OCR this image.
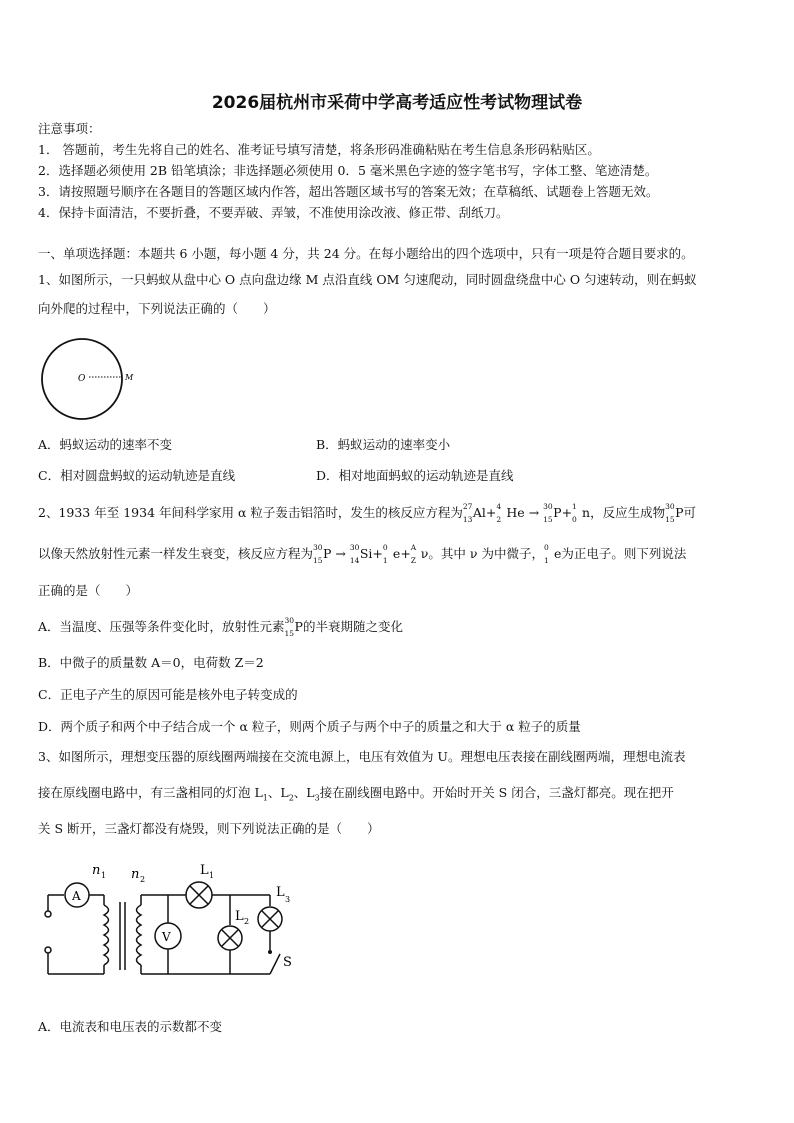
2026届杭州市采荷中学高考适应性考试物理试卷
注意事项：
1． 答题前，考生先将自己的姓名、准考证号填写清楚，将条形码准确粘贴在考生信息条形码粘贴区。
2．选择题必须使用 2B 铅笔填涂；非选择题必须使用 0．5 毫米黑色字迹的签字笔书写，字体工整、笔迹清楚。
3．请按照题号顺序在各题目的答题区域内作答，超出答题区域书写的答案无效；在草稿纸、试题卷上答题无效。
4．保持卡面清洁，不要折叠，不要弄破、弄皱，不准使用涂改液、修正带、刮纸刀。
一、单项选择题：本题共 6 小题，每小题 4 分，共 24 分。在每小题给出的四个选项中，只有一项是符合题目要求的。
1、如图所示，一只蚂蚁从盘中心 O 点向盘边缘 M 点沿直线 OM 匀速爬动，同时圆盘绕盘中心 O 匀速转动，则在蚂蚁
向外爬的过程中，下列说法正确的（　　）
O	M
A．蚂蚁运动的速率不变	B．蚂蚁运动的速率变小
C．相对圆盘蚂蚁的运动轨迹是直线	D．相对地面蚂蚁的运动轨迹是直线
2、1933 年至 1934 年间科学家用 α 粒子轰击铝箔时，发生的核反应方程为 27
13 Al+ 4
2 He → 30
15 P+ 1
0 n，反应生成物 30
15 P可
以像天然放射性元素一样发生衰变，核反应方程为 30
15 P → 30
14 Si+ 0
1 e+ A
Z ν。其中 ν 为中微子， 0
1 e为正电子。则下列说法
正确的是（　　）
A．当温度、压强等条件变化时，放射性元素 30
15 P的半衰期随之变化
B．中微子的质量数 A＝0，电荷数 Z＝2
C．正电子产生的原因可能是核外电子转变成的
D．两个质子和两个中子结合成一个 α 粒子，则两个质子与两个中子的质量之和大于 α 粒子的质量
3、如图所示，理想变压器的原线圈两端接在交流电源上，电压有效值为 U。理想电压表接在副线圈两端，理想电流表
接在原线圈电路中，有三盏相同的灯泡 $L_1$、$L_2$、$L_3$接在副线圈电路中。开始时开关 S 闭合，三盏灯都亮。现在把开
关 S 断开，三盏灯都没有烧毁，则下列说法正确的是（　　）
A
V
n 1 n 2
L 1
L 2
L 3
S
A．电流表和电压表的示数都不变
